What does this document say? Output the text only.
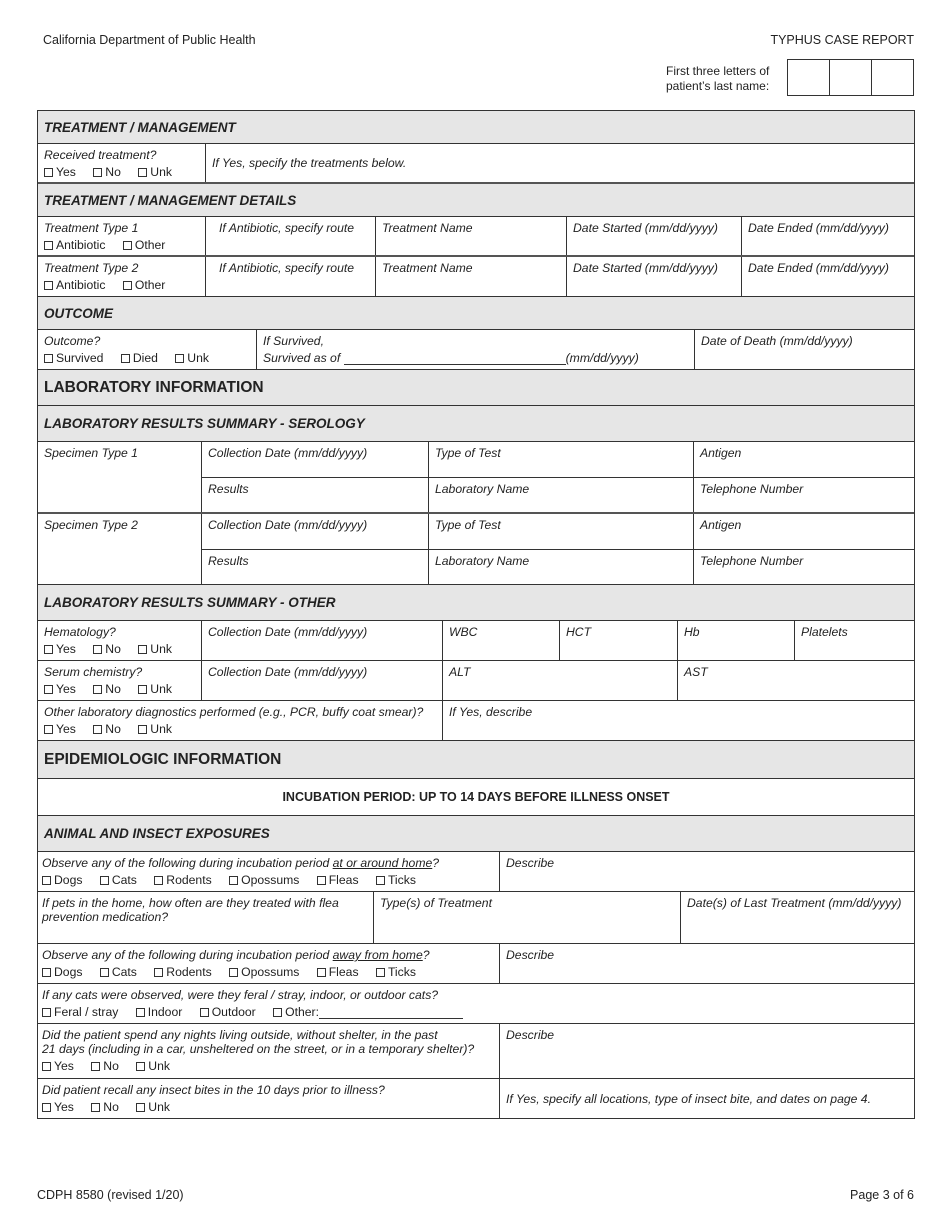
California Department of Public Health	TYPHUS CASE REPORT
First three letters of
patient’s last name:
TREATMENT / MANAGEMENT
Received treatment?
Yes No Unk
If Yes, specify the treatments below.
TREATMENT / MANAGEMENT DETAILS
Treatment Type 1
Antibiotic Other
If Antibiotic, specify route	Treatment Name	Date Started (mm/dd/yyyy)	Date Ended (mm/dd/yyyy)
Treatment Type 2
Antibiotic Other
If Antibiotic, specify route	Treatment Name	Date Started (mm/dd/yyyy)	Date Ended (mm/dd/yyyy)
OUTCOME
Outcome?
Survived Died Unk
If Survived,
Survived as of	(mm/dd/yyyy)
Date of Death (mm/dd/yyyy)
LABORATORY INFORMATION
LABORATORY RESULTS SUMMARY - SEROLOGY
Specimen Type 1	Collection Date (mm/dd/yyyy)	Type of Test	Antigen
Results	Laboratory Name	Telephone Number
Specimen Type 2	Collection Date (mm/dd/yyyy)	Type of Test	Antigen
Results	Laboratory Name	Telephone Number
LABORATORY RESULTS SUMMARY - OTHER
Hematology?
Yes No Unk
Collection Date (mm/dd/yyyy)	WBC	HCT	Hb	Platelets
Serum chemistry?
Yes No Unk
Collection Date (mm/dd/yyyy)	ALT	AST
Other laboratory diagnostics performed (e.g., PCR, buffy coat smear)?
Yes No Unk
If Yes, describe
EPIDEMIOLOGIC INFORMATION
INCUBATION PERIOD: UP TO 14 DAYS BEFORE ILLNESS ONSET
ANIMAL AND INSECT EXPOSURES
Observe any of the following during incubation period at or around home?
Dogs Cats Rodents Opossums Fleas Ticks
Describe
If pets in the home, how often are they treated with flea
prevention medication?
Type(s) of Treatment	Date(s) of Last Treatment (mm/dd/yyyy)
Observe any of the following during incubation period away from home?
Dogs Cats Rodents Opossums Fleas Ticks
Describe
If any cats were observed, were they feral / stray, indoor, or outdoor cats?
Feral / stray Indoor Outdoor Other:
Did the patient spend any nights living outside, without shelter, in the past
21 days (including in a car, unsheltered on the street, or in a temporary shelter)?
Yes No Unk
Describe
Did patient recall any insect bites in the 10 days prior to illness?
Yes No Unk
If Yes, specify all locations, type of insect bite, and dates on page 4.
CDPH 8580 (revised 1/20)	Page 3 of 6
